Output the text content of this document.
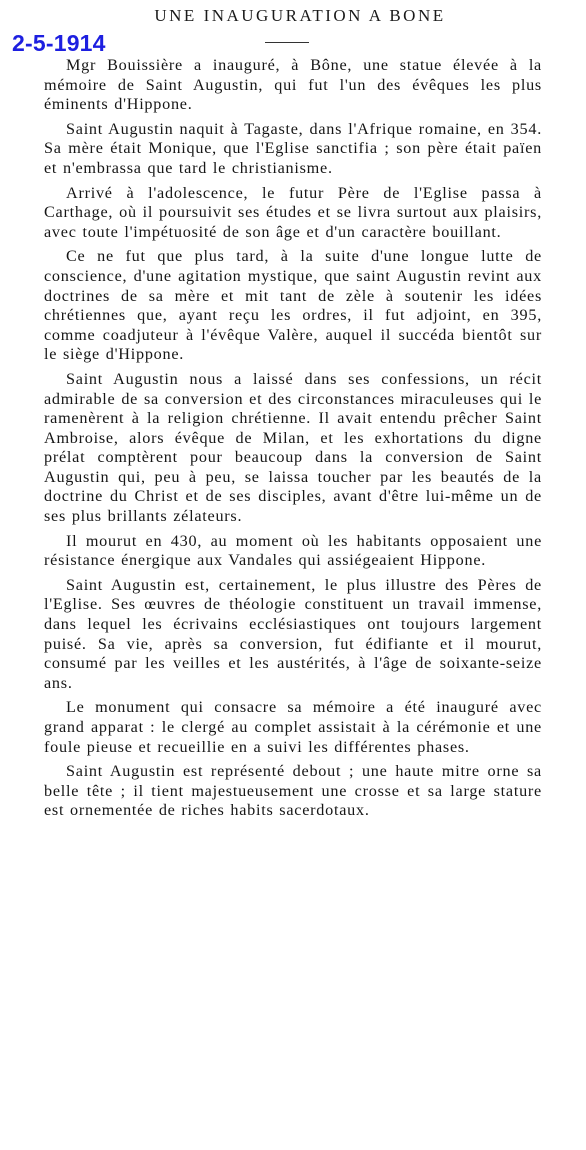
UNE INAUGURATION A BONE
2-5-1914

Mgr Bouissière a inauguré, à Bône, une statue élevée à la mémoire de Saint Augustin, qui fut l'un des évêques les plus éminents d'Hippone.

Saint Augustin naquit à Tagaste, dans l'Afrique romaine, en 354. Sa mère était Monique, que l'Eglise sanctifia ; son père était païen et n'embrassa que tard le christianisme.

Arrivé à l'adolescence, le futur Père de l'Eglise passa à Carthage, où il poursuivit ses études et se livra surtout aux plaisirs, avec toute l'impétuosité de son âge et d'un caractère bouillant.

Ce ne fut que plus tard, à la suite d'une longue lutte de conscience, d'une agitation mystique, que saint Augustin revint aux doctrines de sa mère et mit tant de zèle à soutenir les idées chrétiennes que, ayant reçu les ordres, il fut adjoint, en 395, comme coadjuteur à l'évêque Valère, auquel il succéda bientôt sur le siège d'Hippone.

Saint Augustin nous a laissé dans ses confessions, un récit admirable de sa conversion et des circonstances miraculeuses qui le ramenèrent à la religion chrétienne. Il avait entendu prêcher Saint Ambroise, alors évêque de Milan, et les exhortations du digne prélat comptèrent pour beaucoup dans la conversion de Saint Augustin qui, peu à peu, se laissa toucher par les beautés de la doctrine du Christ et de ses disciples, avant d'être lui-même un de ses plus brillants zélateurs.

Il mourut en 430, au moment où les habitants opposaient une résistance énergique aux Vandales qui assiégeaient Hippone.

Saint Augustin est, certainement, le plus illustre des Pères de l'Eglise. Ses œuvres de théologie constituent un travail immense, dans lequel les écrivains ecclésiastiques ont toujours largement puisé. Sa vie, après sa conversion, fut édifiante et il mourut, consumé par les veilles et les austérités, à l'âge de soixante-seize ans.

Le monument qui consacre sa mémoire a été inauguré avec grand apparat : le clergé au complet assistait à la cérémonie et une foule pieuse et recueillie en a suivi les différentes phases.

Saint Augustin est représenté debout ; une haute mitre orne sa belle tête ; il tient majestueusement une crosse et sa large stature est ornementée de riches habits sacerdotaux.
